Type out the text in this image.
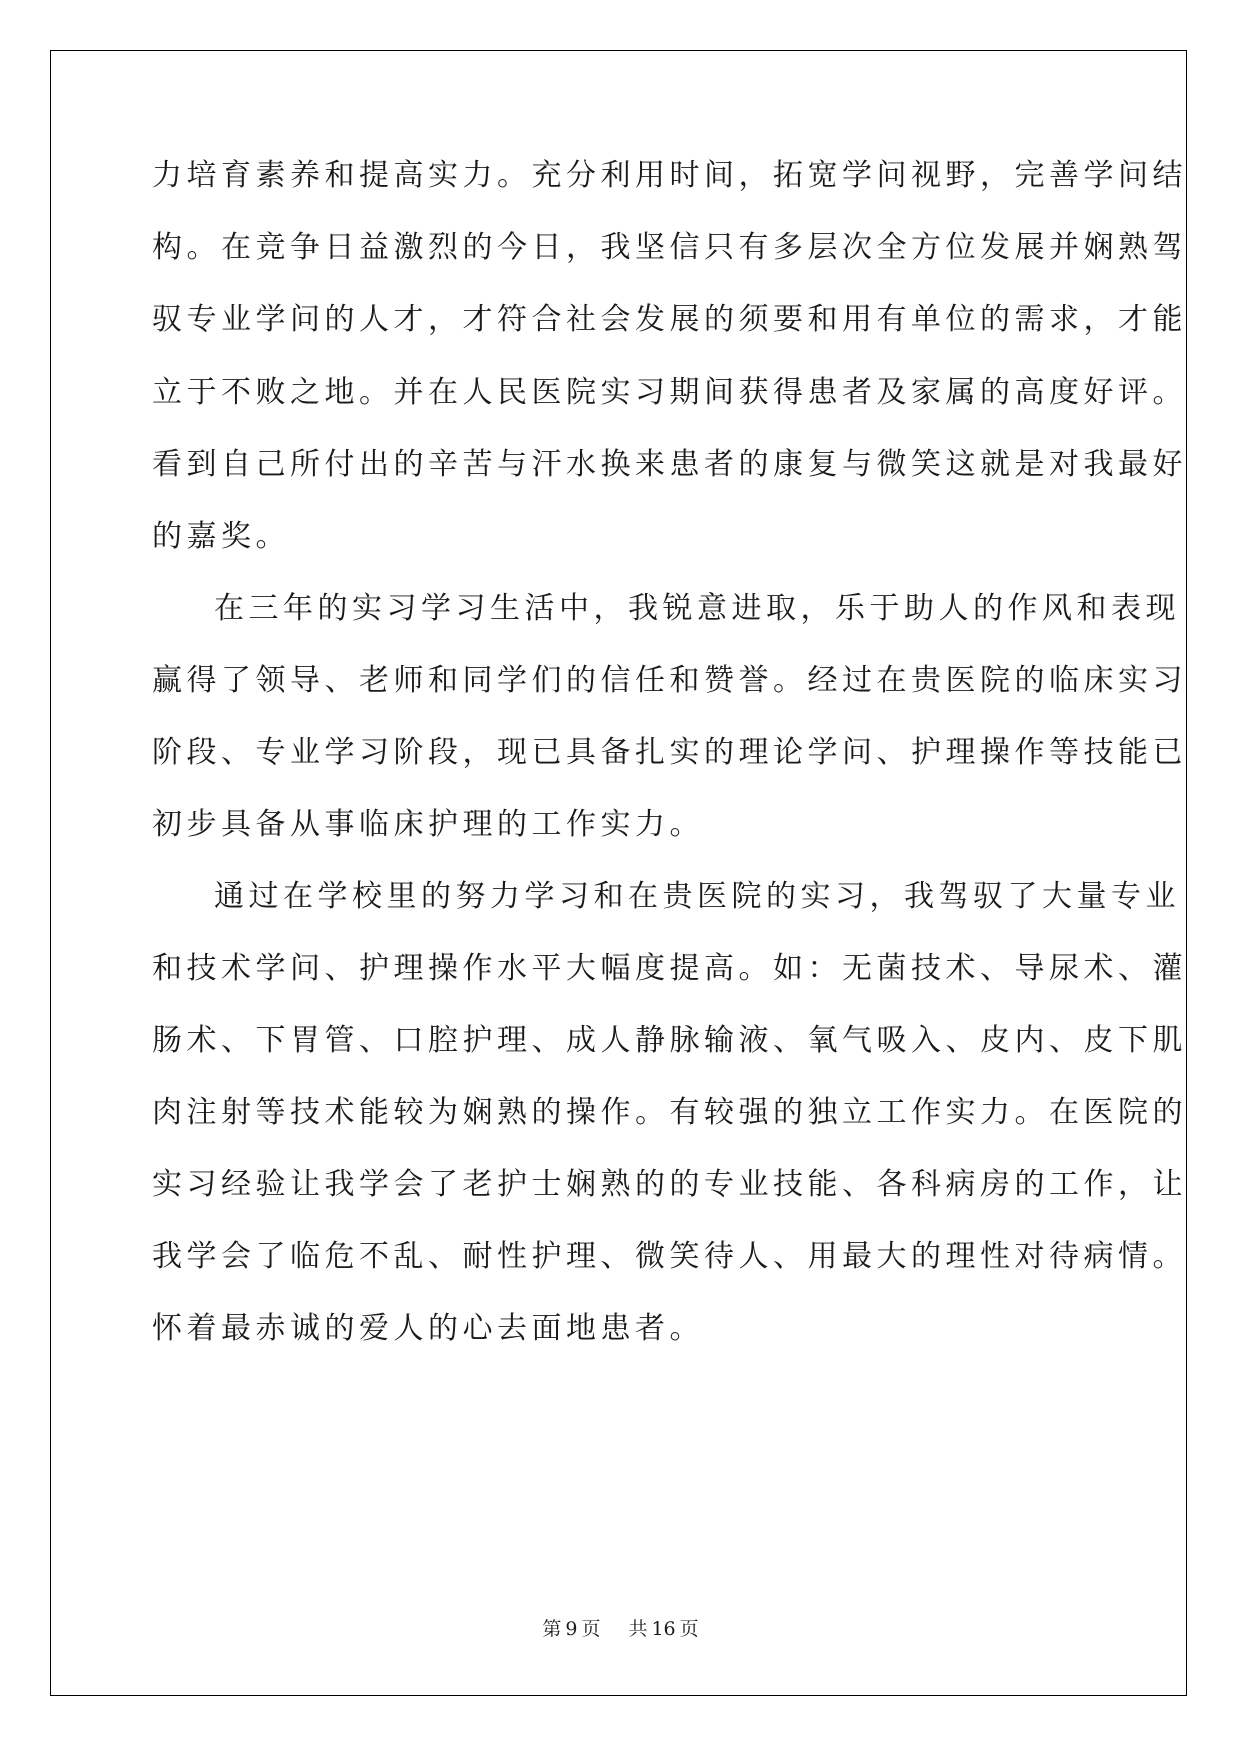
力培育素养和提高实力。充分利用时间，拓宽学问视野，完善学问结

构。在竞争日益激烈的今日，我坚信只有多层次全方位发展并娴熟驾

驭专业学问的人才，才符合社会发展的须要和用有单位的需求，才能

立于不败之地。并在人民医院实习期间获得患者及家属的高度好评。

看到自己所付出的辛苦与汗水换来患者的康复与微笑这就是对我最好

的嘉奖。

在三年的实习学习生活中，我锐意进取，乐于助人的作风和表现

赢得了领导、老师和同学们的信任和赞誉。经过在贵医院的临床实习

阶段、专业学习阶段，现已具备扎实的理论学问、护理操作等技能已

初步具备从事临床护理的工作实力。

通过在学校里的努力学习和在贵医院的实习，我驾驭了大量专业

和技术学问、护理操作水平大幅度提高。如：无菌技术、导尿术、灌

肠术、下胃管、口腔护理、成人静脉输液、氧气吸入、皮内、皮下肌

肉注射等技术能较为娴熟的操作。有较强的独立工作实力。在医院的

实习经验让我学会了老护士娴熟的的专业技能、各科病房的工作，让

我学会了临危不乱、耐性护理、微笑待人、用最大的理性对待病情。

怀着最赤诚的爱人的心去面地患者。

第 9 页 共 16 页
